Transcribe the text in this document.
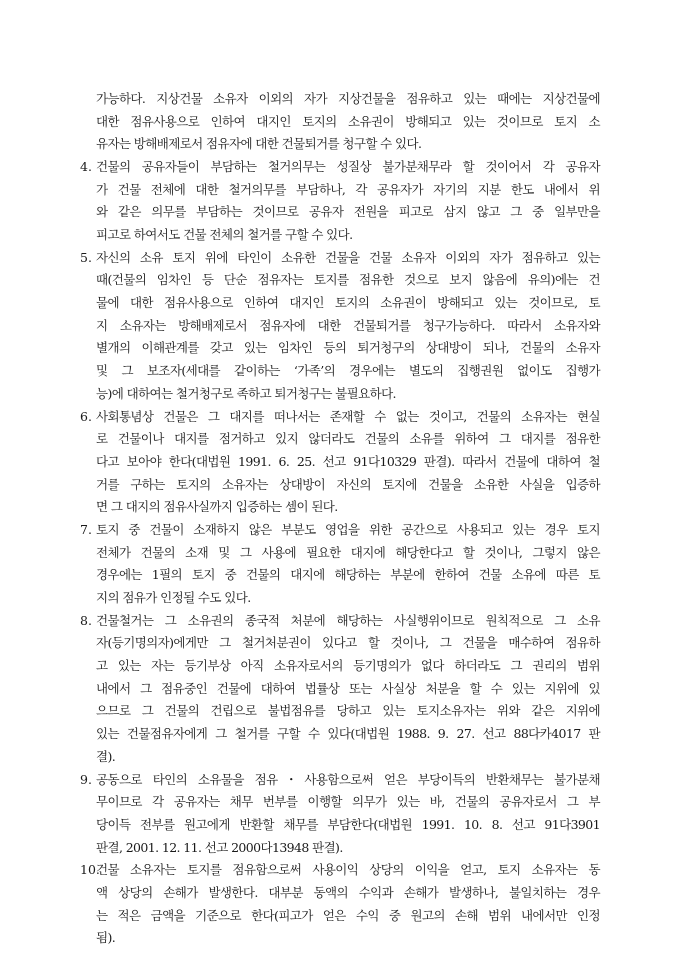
가능하다. 지상건물 소유자 이외의 자가 지상건물을 점유하고 있는 때에는 지상건물에
대한 점유사용으로 인하여 대지인 토지의 소유권이 방해되고 있는 것이므로 토지 소
유자는 방해배제로서 점유자에 대한 건물퇴거를 청구할 수 있다.
4. 건물의 공유자들이 부담하는 철거의무는 성질상 불가분채무라 할 것이어서 각 공유자
가 건물 전체에 대한 철거의무를 부담하나, 각 공유자가 자기의 지분 한도 내에서 위
와 같은 의무를 부담하는 것이므로 공유자 전원을 피고로 삼지 않고 그 중 일부만을
피고로 하여서도 건물 전체의 철거를 구할 수 있다.
5. 자신의 소유 토지 위에 타인이 소유한 건물을 건물 소유자 이외의 자가 점유하고 있는
때(건물의 임차인 등 단순 점유자는 토지를 점유한 것으로 보지 않음에 유의)에는 건
물에 대한 점유사용으로 인하여 대지인 토지의 소유권이 방해되고 있는 것이므로, 토
지 소유자는 방해배제로서 점유자에 대한 건물퇴거를 청구가능하다. 따라서 소유자와
별개의 이해관계를 갖고 있는 임차인 등의 퇴거청구의 상대방이 되나, 건물의 소유자
및 그 보조자(세대를 같이하는 ‘가족’의 경우에는 별도의 집행권원 없이도 집행가
능)에 대하여는 철거청구로 족하고 퇴거청구는 불필요하다.
6. 사회통념상 건물은 그 대지를 떠나서는 존재할 수 없는 것이고, 건물의 소유자는 현실
로 건물이나 대지를 점거하고 있지 않더라도 건물의 소유를 위하여 그 대지를 점유한
다고 보아야 한다(대법원 1991. 6. 25. 선고 91다10329 판결). 따라서 건물에 대하여 철
거를 구하는 토지의 소유자는 상대방이 자신의 토지에 건물을 소유한 사실을 입증하
면 그 대지의 점유사실까지 입증하는 셈이 된다.
7. 토지 중 건물이 소재하지 않은 부분도 영업을 위한 공간으로 사용되고 있는 경우 토지
전체가 건물의 소재 및 그 사용에 필요한 대지에 해당한다고 할 것이나, 그렇지 않은
경우에는 1필의 토지 중 건물의 대지에 해당하는 부분에 한하여 건물 소유에 따른 토
지의 점유가 인정될 수도 있다.
8. 건물철거는 그 소유권의 종국적 처분에 해당하는 사실행위이므로 원칙적으로 그 소유
자(등기명의자)에게만 그 철거처분권이 있다고 할 것이나, 그 건물을 매수하여 점유하
고 있는 자는 등기부상 아직 소유자로서의 등기명의가 없다 하더라도 그 권리의 범위
내에서 그 점유중인 건물에 대하여 법률상 또는 사실상 처분을 할 수 있는 지위에 있
으므로 그 건물의 건립으로 불법점유를 당하고 있는 토지소유자는 위와 같은 지위에
있는 건물점유자에게 그 철거를 구할 수 있다(대법원 1988. 9. 27. 선고 88다카4017 판
결).
9. 공동으로 타인의 소유물을 점유・사용함으로써 얻은 부당이득의 반환채무는 불가분채
무이므로 각 공유자는 채무 번부를 이행할 의무가 있는 바, 건물의 공유자로서 그 부
당이득 전부를 원고에게 반환할 채무를 부담한다(대법원 1991. 10. 8. 선고 91다3901
판결, 2001. 12. 11. 선고 2000다13948 판결).
10.
건물 소유자는 토지를 점유함으로써 사용이익 상당의 이익을 얻고, 토지 소유자는 동
액 상당의 손해가 발생한다. 대부분 동액의 수익과 손해가 발생하나, 불일치하는 경우
는 적은 금액을 기준으로 한다(피고가 얻은 수익 중 원고의 손해 범위 내에서만 인정
됨).
